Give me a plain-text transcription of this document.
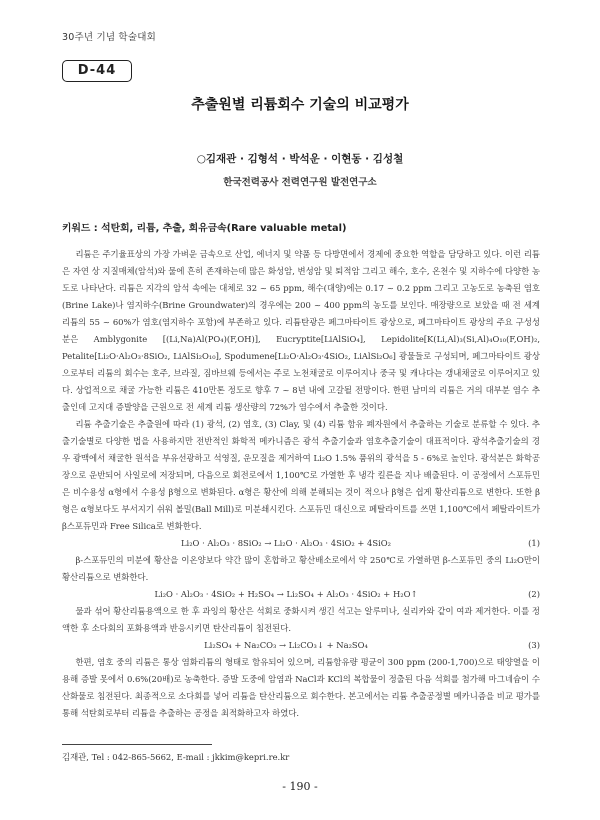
30주년 기념 학술대회
D-44
추출원별 리튬회수 기술의 비교평가
○김재관 · 김형석 · 박석운 · 이현동 · 김성철
한국전력공사 전력연구원 발전연구소
키워드 : 석탄회, 리튬, 추출, 희유금속(Rare valuable metal)

리튬은 주기율표상의 가장 가벼운 금속으로 산업, 에너지 및 약품 등 다방면에서 경제에 중요한 역할을 담당하고 있다. 이런 리튬은 자연 상 지질매체(암석)와 물에 흔히 존재하는데 많은 화성암, 변성암 및 퇴적암 그리고 해수, 호수, 온천수 및 지하수에 다양한 농도로 나타난다. 리튬은 지각의 암석 속에는 대체로 32 ~ 65 ppm, 해수(대양)에는 0.17 ~ 0.2 ppm 그리고 고농도로 농축된 염호(Brine Lake)나 염지하수(Brine Groundwater)의 경우에는 200 ~ 400 ppm의 농도를 보인다. 매장량으로 보았을 때 전 세계 리튬의 55 ~ 60%가 염호(염지하수 포함)에 부존하고 있다. 리튬탄광은 페그마타이트 광상으로, 페그마타이트 광상의 주요 구성성분은 Amblygonite [(Li,Na)Al(PO₄)(F,OH)], Eucryptite[LiAlSiO₄], Lepidolite[K(Li,Al)₃(Si,Al)₄O₁₀(F,OH)₂, Petalite[Li₂O·Al₂O₃·8SiO₂, LiAlSi₂O₁₀], Spodumene[Li₂O·Al₂O₃·4SiO₂, LiAlSi₂O₆] 광물들로 구성되며, 페그마타이트 광상으로부터 리튬의 회수는 호주, 브라질, 짐바브웨 등에서는 주로 노천채굴로 이루어지나 중국 및 캐나다는 갱내채굴로 이루어지고 있다. 상업적으로 채굴 가능한 리튬은 410만톤 정도로 향후 7 ~ 8년 내에 고갈될 전망이다. 한편 남미의 리튬은 거의 대부분 염수 추출인데 고지대 증발양을 근원으로 전 세계 리튬 생산량의 72%가 염수에서 추출한 것이다.

리튬 추출기술은 추출원에 따라 (1) 광석, (2) 염호, (3) Clay, 및 (4) 리튬 함유 폐자원에서 추출하는 기술로 분류할 수 있다. 추출기술별로 다양한 법을 사용하지만 전반적인 화학적 메카니즘은 광석 추출기술과 염호추출기술이 대표적이다. 광석추출기술의 경우 광맥에서 채굴한 원석을 부유선광하고 석영질, 운모질을 제거하여 Li₂O 1.5% 품위의 광석을 5 - 6%로 높인다. 광석분은 화학공장으로 운반되어 사일로에 저장되며, 다음으로 회전로에서 1,100℃로 가열한 후 냉각 킬른을 지나 배출된다. 이 공정에서 스포듀민은 비수용성 α형에서 수용성 β형으로 변화된다. α형은 황산에 의해 분해되는 것이 적으나 β형은 쉽게 황산리튬으로 변한다. 또한 β형은 α형보다도 부서지기 쉬워 볼밀(Ball Mill)로 미분쇄시킨다. 스포듀민 대신으로 페탈라이트를 쓰면 1,100℃에서 페탈라이트가 β스포듀민과 Free Silica로 변화한다.

Li₂O · Al₂O₃ · 8SiO₂ → Li₂O · Al₂O₃ · 4SiO₂ + 4SiO₂	(1)

β-스포듀민의 미분에 황산을 이온양보다 약간 많이 혼합하고 황산배소로에서 약 250℃로 가열하면 β-스포듀민 중의 Li₂O만이 황산리튬으로 변화한다.

Li₂O · Al₂O₃ · 4SiO₂ + H₂SO₄ → Li₂SO₄ + Al₂O₃ · 4SiO₂ + H₂O↑	(2)

물과 섞어 황산리튬용액으로 한 후 과잉의 황산은 석회로 중화시켜 생긴 석고는 알루미나, 실리카와 같이 여과 제거한다. 이를 정액한 후 소다회의 포화용액과 반응시키면 탄산리튬이 침전된다.

Li₂SO₄ + Na₂CO₃ → Li₂CO₃↓ + Na₂SO₄	(3)

한편, 염호 중의 리튬은 통상 염화리튬의 형태로 함유되어 있으며, 리튬함유량 평균이 300 ppm (200-1,700)으로 태양열을 이용해 증발 못에서 0.6%(20배)로 농축한다. 증발 도중에 암염과 NaCl과 KCl의 복합물이 정출된 다음 석회를 첨가해 마그네슘이 수산화물로 침전된다. 최종적으로 소다회를 넣어 리튬을 탄산리튬으로 회수한다. 본고에서는 리튬 추출공정별 메카니즘을 비교 평가를 통해 석탄회로부터 리튬을 추출하는 공정을 최적화하고자 하였다.

김재관, Tel : 042-865-5662, E-mail : jkkim@kepri.re.kr
- 190 -
